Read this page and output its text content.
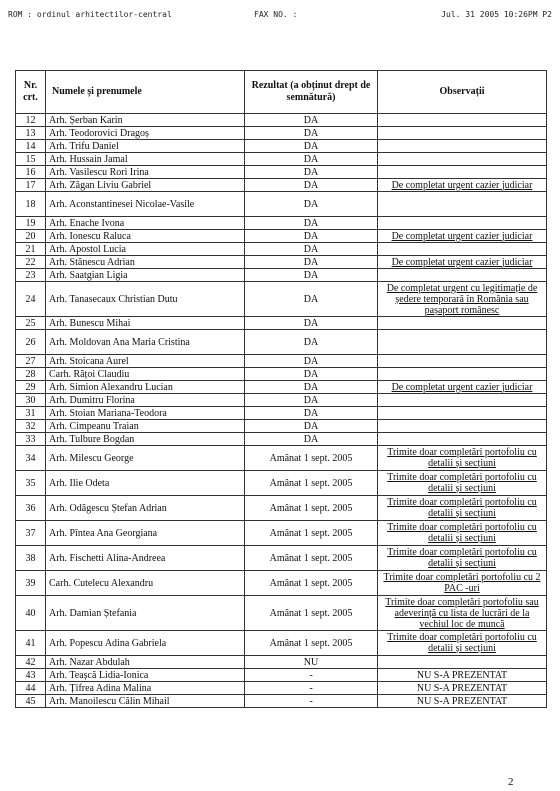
ROM : ordinul arhitectilor-central	FAX NO. :	Jul. 31 2005 10:26PM P2
Nr. crt.	Numele și prenumele	Rezultat (a obținut drept de semnătură)	Observații
12	Arh. Șerban Karin	DA	
13	Arh. Teodorovici Dragoș	DA	
14	Arh. Trifu Daniel	DA	
15	Arh. Hussain Jamal	DA	
16	Arh. Vasilescu Rori Irina	DA	
17	Arh. Zăgan Liviu Gabriel	DA	De completat urgent cazier judiciar
18	Arh. Aconstantinesei Nicolae-Vasile	DA	
19	Arh. Enache Ivona	DA	
20	Arh. Ionescu Raluca	DA	De completat urgent cazier judiciar
21	Arh. Apostol Lucia	DA	
22	Arh. Stănescu Adrian	DA	De completat urgent cazier judiciar
23	Arh. Saatgian Ligia	DA	
24	Arh. Tanasecaux Christian Dutu	DA	De completat urgent cu legitimație de ședere temporară în România sau pașaport românesc
25	Arh. Bunescu Mihai	DA	
26	Arh. Moldovan Ana Maria Cristina	DA	
27	Arh. Stoicana Aurel	DA	
28	Carh. Rățoi Claudiu	DA	
29	Arh. Simion Alexandru Lucian	DA	De completat urgent cazier judiciar
30	Arh. Dumitru Florina	DA	
31	Arh. Stoian Mariana-Teodora	DA	
32	Arh. Cimpeanu Traian	DA	
33	Arh. Tulbure Bogdan	DA	
34	Arh. Milescu George	Amânat 1 sept. 2005	Trimite doar completări portofoliu cu detalii și secțiuni
35	Arh. Ilie Odeta	Amânat 1 sept. 2005	Trimite doar completări portofoliu cu detalii și secțiuni
36	Arh. Odăgescu Ștefan Adrian	Amânat 1 sept. 2005	Trimite doar completări portofoliu cu detalii și secțiuni
37	Arh. Pîntea Ana Georgiana	Amânat 1 sept. 2005	Trimite doar completări portofoliu cu detalii și secțiuni
38	Arh. Fischetti Alina-Andreea	Amânat 1 sept. 2005	Trimite doar completări portofoliu cu detalii și secțiuni
39	Carh. Cutelecu Alexandru	Amânat 1 sept. 2005	Trimite doar completări portofoliu cu 2 PAC -uri
40	Arh. Damian Ștefania	Amânat 1 sept. 2005	Trimite doar completări portofoliu sau adeverință cu lista de lucrări de la vechiul loc de muncă
41	Arh. Popescu Adina Gabriela	Amânat 1 sept. 2005	Trimite doar completări portofoliu cu detalii și secțiuni
42	Arh. Nazar Abdulah	NU	
43	Arh. Teașcă Lidia-Ionica	-	NU S-A PREZENTAT
44	Arh. Țifrea Adina Malina	-	NU S-A PREZENTAT
45	Arh. Manoilescu Călin Mihail	-	NU S-A PREZENTAT
2
